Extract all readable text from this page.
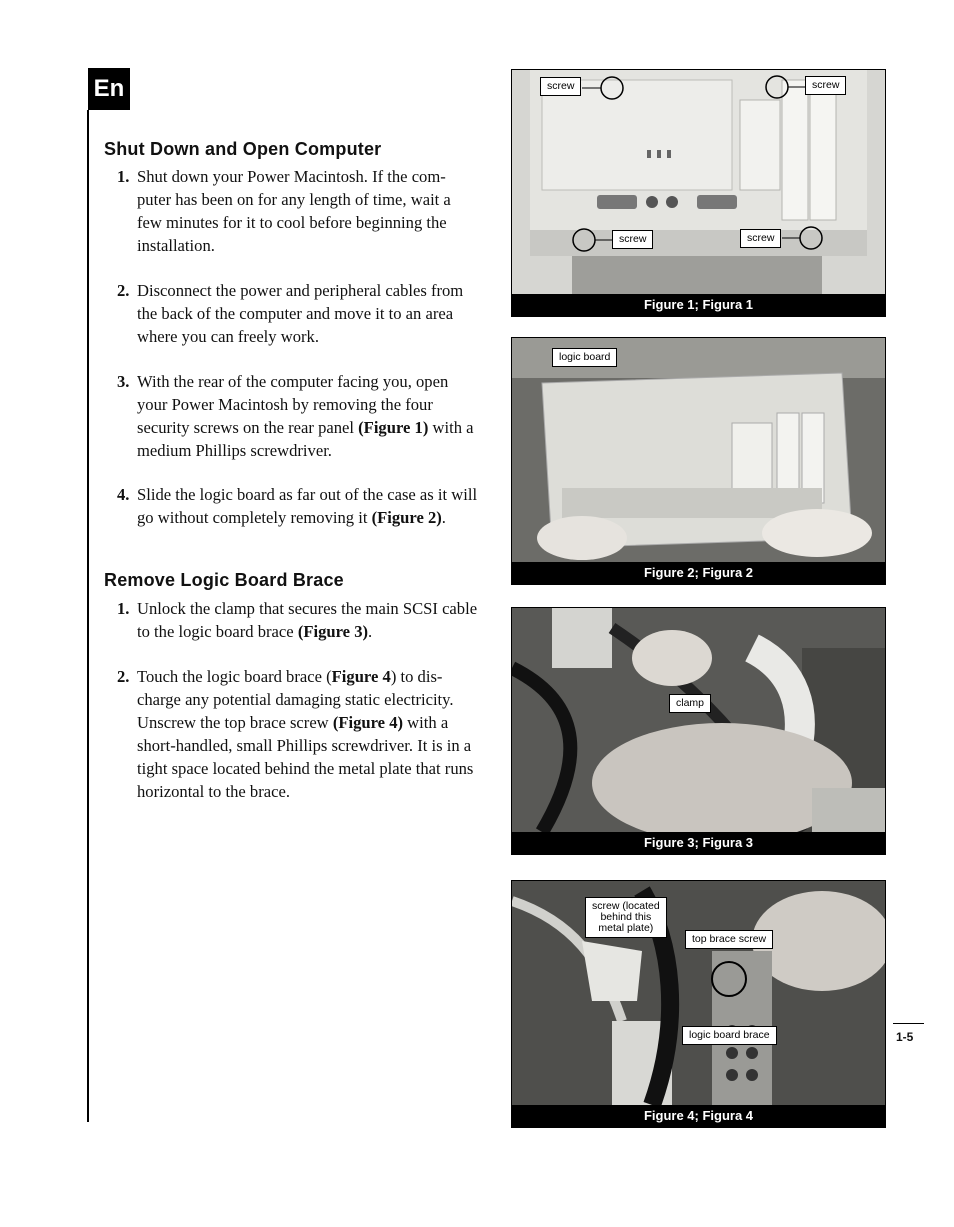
En
Shut Down and Open Computer
1. Shut down your Power Macintosh. If the com-puter has been on for any length of time, wait a few minutes for it to cool before beginning the installation.
2. Disconnect the power and peripheral cables from the back of the computer and move it to an area where you can freely work.
3. With the rear of the computer facing you, open your Power Macintosh by removing the four security screws on the rear panel (Figure 1) with a medium Phillips screwdriver.
4. Slide the logic board as far out of the case as it will go without completely removing it (Figure 2).
Remove Logic Board Brace
1. Unlock the clamp that secures the main SCSI cable to the logic board brace (Figure 3).
2. Touch the logic board brace (Figure 4) to dis-charge any potential damaging static electricity. Unscrew the top brace screw (Figure 4) with a short-handled, small Phillips screwdriver. It is in a tight space located behind the metal plate that runs horizontal to the brace.
screw	screw
screw	screw
Figure 1; Figura 1
logic board
Figure 2; Figura 2
clamp
Figure 3; Figura 3
screw (located
behind this
metal plate)
top brace screw
logic board brace
Figure 4; Figura 4
1-5
